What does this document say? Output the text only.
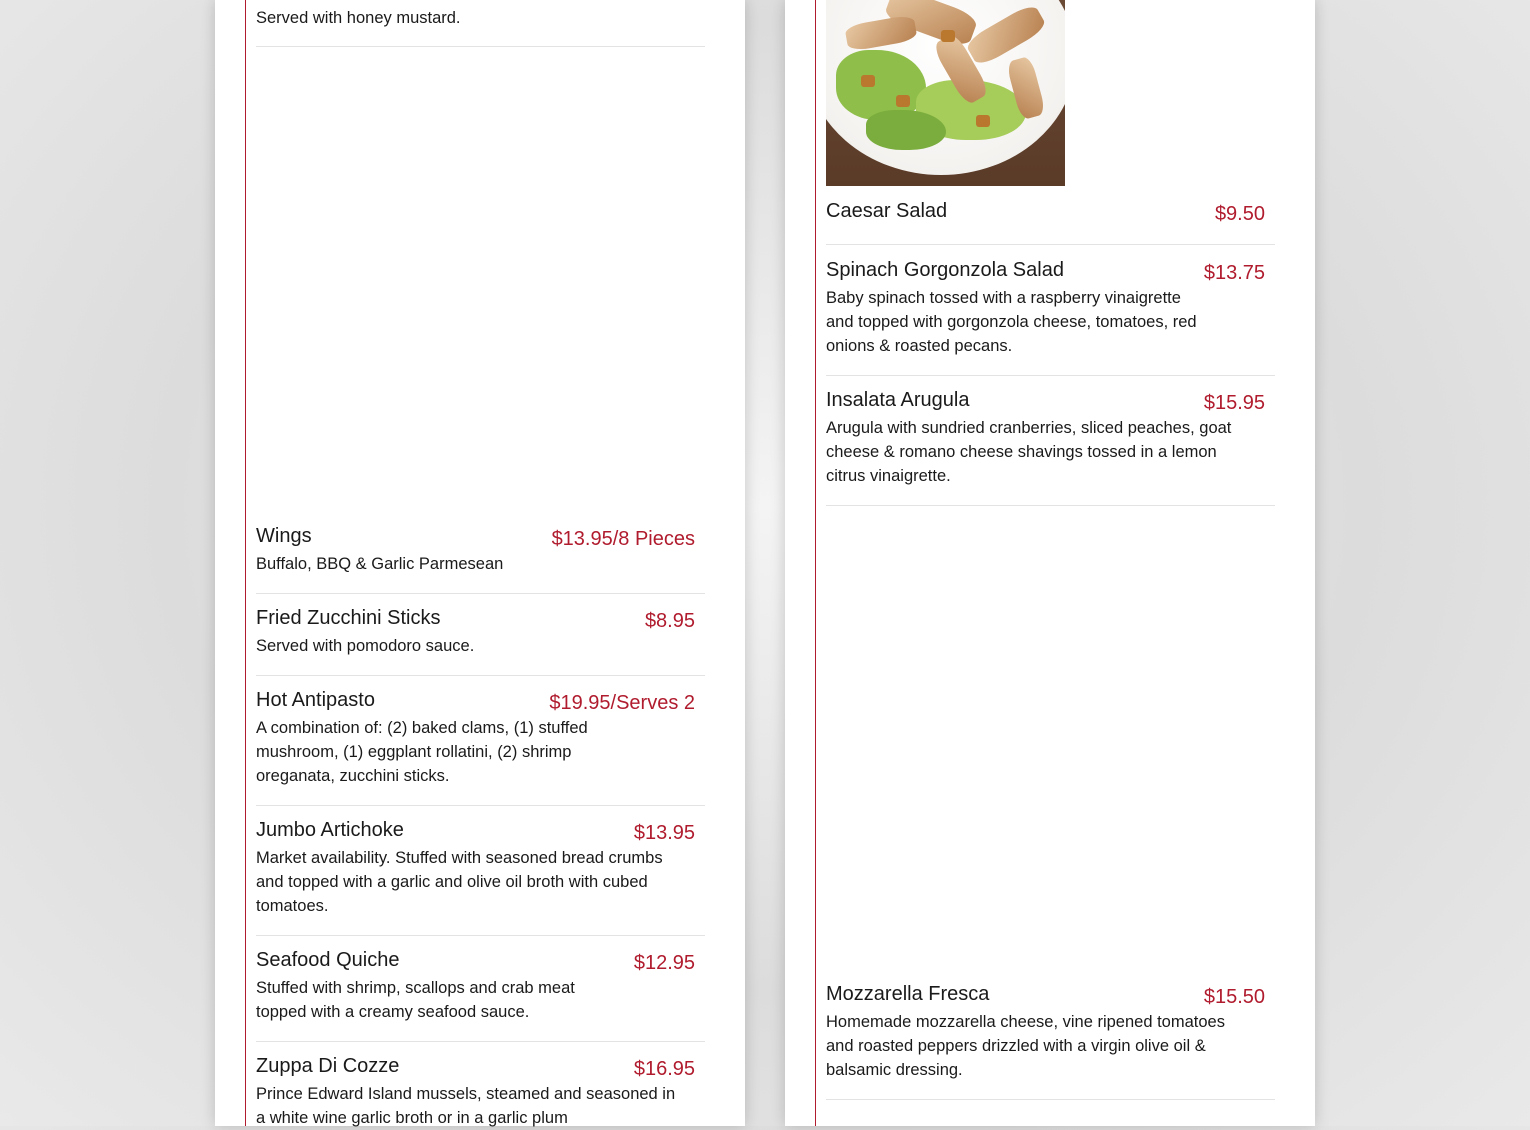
Served with honey mustard.
Wings	$13.95/8 Pieces
Buffalo, BBQ & Garlic Parmesean
Fried Zucchini Sticks	$8.95
Served with pomodoro sauce.
Hot Antipasto	$19.95/Serves 2
A combination of: (2) baked clams, (1) stuffed mushroom, (1) eggplant rollatini, (2) shrimp oreganata, zucchini sticks.
Jumbo Artichoke	$13.95
Market availability. Stuffed with seasoned bread crumbs and topped with a garlic and olive oil broth with cubed tomatoes.
Seafood Quiche	$12.95
Stuffed with shrimp, scallops and crab meat topped with a creamy seafood sauce.
Zuppa Di Cozze	$16.95
Prince Edward Island mussels, steamed and seasoned in a white wine garlic broth or in a garlic plum
Caesar Salad	$9.50
Spinach Gorgonzola Salad	$13.75
Baby spinach tossed with a raspberry vinaigrette and topped with gorgonzola cheese, tomatoes, red onions & roasted pecans.
Insalata Arugula	$15.95
Arugula with sundried cranberries, sliced peaches, goat cheese & romano cheese shavings tossed in a lemon citrus vinaigrette.
Mozzarella Fresca	$15.50
Homemade mozzarella cheese, vine ripened tomatoes and roasted peppers drizzled with a virgin olive oil & balsamic dressing.
